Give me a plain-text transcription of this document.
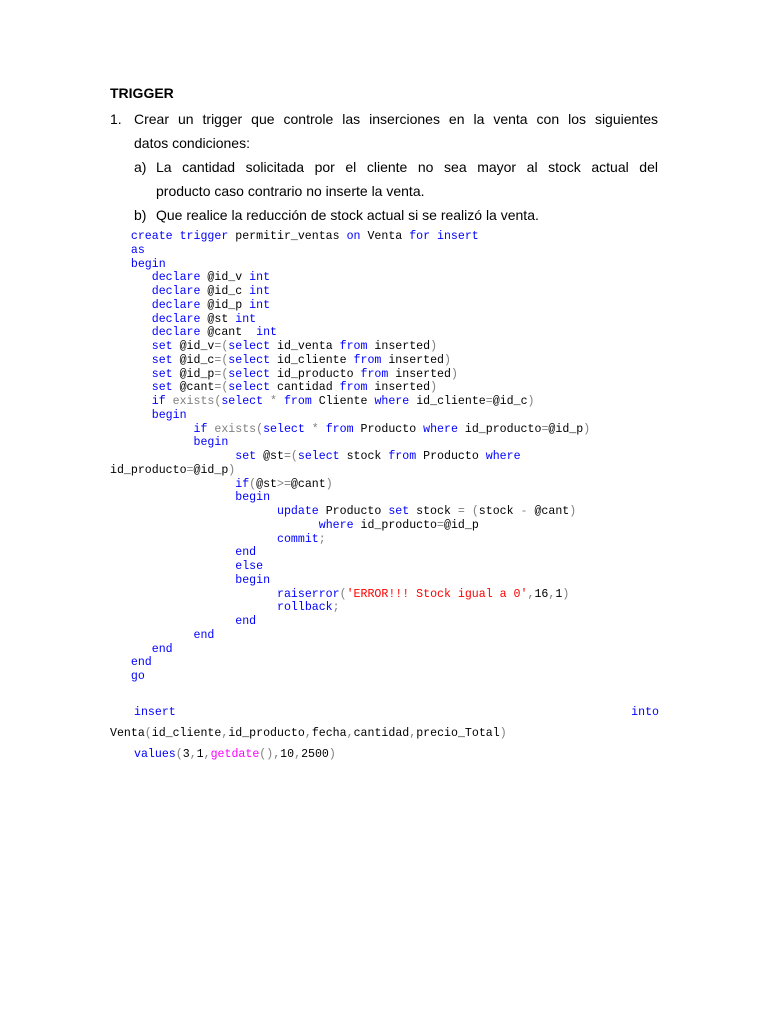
TRIGGER
1. Crear un trigger que controle las inserciones en la venta con los siguientes
datos condiciones:
a) La cantidad solicitada por el cliente no sea mayor al stock actual del
producto caso contrario no inserte la venta.
b) Que realice la reducción de stock actual si se realizó la venta.
create trigger permitir_ventas on Venta for insert
as
begin
declare @id_v int
declare @id_c int
declare @id_p int
declare @st int
declare @cant  int
set @id_v=(select id_venta from inserted)
set @id_c=(select id_cliente from inserted)
set @id_p=(select id_producto from inserted)
set @cant=(select cantidad from inserted)
if exists(select * from Cliente where id_cliente=@id_c)
begin
if exists(select * from Producto where id_producto=@id_p)
begin
set @st=(select stock from Producto where
id_producto=@id_p)
if(@st>=@cant)
begin
update Producto set stock = (stock - @cant)
where id_producto=@id_p
commit;
end
else
begin
raiserror('ERROR!!! Stock igual a 0',16,1)
rollback;
end
end
end
end
go
insert	into
Venta(id_cliente,id_producto,fecha,cantidad,precio_Total)
values(3,1,getdate(),10,2500)
